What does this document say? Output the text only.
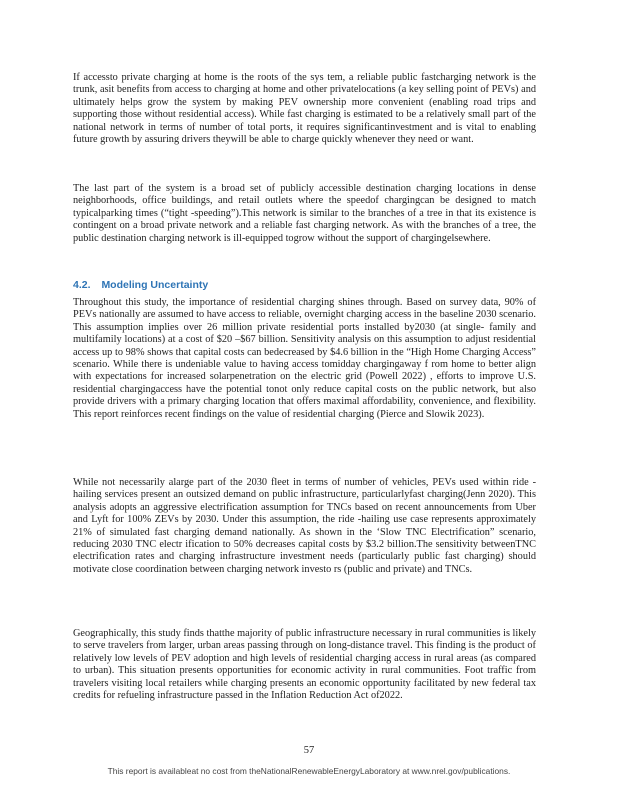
If accessto private charging at home is the roots of the sys tem, a reliable public fastcharging network is the trunk, asit benefits from access to charging at home and other privatelocations (a key selling point of PEVs) and ultimately helps grow the system by making PEV ownership more convenient (enabling road trips and supporting those without residential access). While fast charging is estimated to be a relatively small part of the national network in terms of number of total ports, it requires significantinvestment and is vital to enabling future growth by assuring drivers theywill be able to charge quickly whenever they need or want.

The last part of the system is a broad set of publicly accessible destination charging locations in dense neighborhoods, office buildings, and retail outlets where the speedof chargingcan be designed to match typicalparking times (“tight -speeding”).This network is similar to the branches of a tree in that its existence is contingent on a broad private network and a reliable fast charging network. As with the branches of a tree, the public destination charging network is ill-equipped togrow without the support of chargingelsewhere.

4.2. Modeling Uncertainty

Throughout this study, the importance of residential charging shines through. Based on survey data, 90% of PEVs nationally are assumed to have access to reliable, overnight charging access in the baseline 2030 scenario. This assumption implies over 26 million private residential ports installed by2030 (at single- family and multifamily locations) at a cost of $20 –$67 billion. Sensitivity analysis on this assumption to adjust residential access up to 98% shows that capital costs can bedecreased by $4.6 billion in the “High Home Charging Access” scenario. While there is undeniable value to having access tomidday chargingaway f rom home to better align with expectations for increased solarpenetration on the electric grid (Powell 2022) , efforts to improve U.S. residential chargingaccess have the potential tonot only reduce capital costs on the public network, but also provide drivers with a primary charging location that offers maximal affordability, convenience, and flexibility. This report reinforces recent findings on the value of residential charging (Pierce and Slowik 2023).

While not necessarily alarge part of the 2030 fleet in terms of number of vehicles, PEVs used within ride -hailing services present an outsized demand on public infrastructure, particularlyfast charging(Jenn 2020). This analysis adopts an aggressive electrification assumption for TNCs based on recent announcements from Uber and Lyft for 100% ZEVs by 2030. Under this assumption, the ride -hailing use case represents approximately 21% of simulated fast charging demand nationally. As shown in the ‘Slow TNC Electrification” scenario, reducing 2030 TNC electr ification to 50% decreases capital costs by $3.2 billion.The sensitivity betweenTNC electrification rates and charging infrastructure investment needs (particularly public fast charging) should motivate close coordination between charging network investo rs (public and private) and TNCs.

Geographically, this study finds thatthe majority of public infrastructure necessary in rural communities is likely to serve travelers from larger, urban areas passing through on long-distance travel. This finding is the product of relatively low levels of PEV adoption and high levels of residential charging access in rural areas (as compared to urban). This situation presents opportunities for economic activity in rural communities. Foot traffic from travelers visiting local retailers while charging presents an economic opportunity facilitated by new federal tax credits for refueling infrastructure passed in the Inflation Reduction Act of2022.

57
This report is availableat no cost from theNationalRenewableEnergyLaboratory at www.nrel.gov/publications.
